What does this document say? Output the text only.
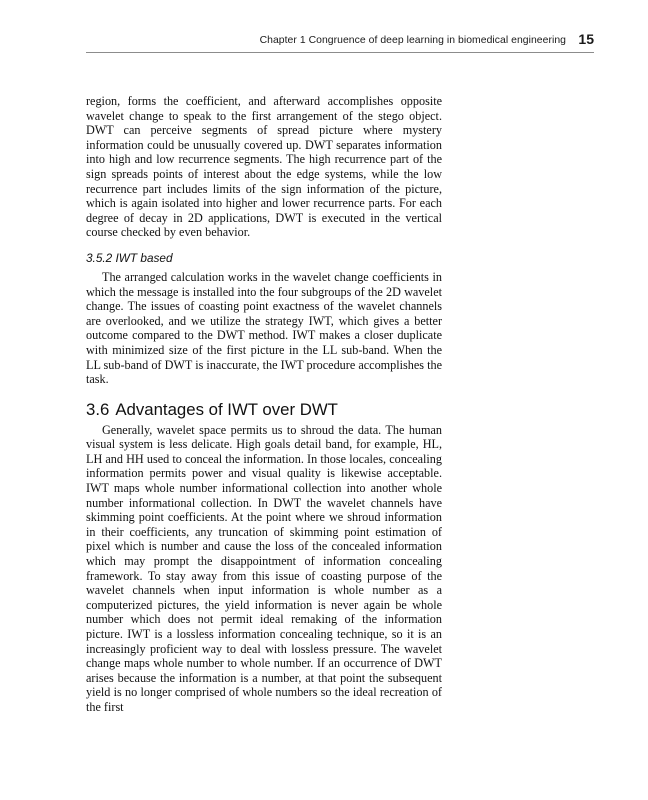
Chapter 1 Congruence of deep learning in biomedical engineering 15

region, forms the coefficient, and afterward accomplishes opposite wavelet change to speak to the first arrangement of the stego object. DWT can perceive segments of spread picture where mystery information could be unusually covered up. DWT separates information into high and low recurrence segments. The high recurrence part of the sign spreads points of interest about the edge systems, while the low recurrence part includes limits of the sign information of the picture, which is again isolated into higher and lower recurrence parts. For each degree of decay in 2D applications, DWT is executed in the vertical course checked by even behavior.

3.5.2 IWT based

The arranged calculation works in the wavelet change coefficients in which the message is installed into the four subgroups of the 2D wavelet change. The issues of coasting point exactness of the wavelet channels are overlooked, and we utilize the strategy IWT, which gives a better outcome compared to the DWT method. IWT makes a closer duplicate with minimized size of the first picture in the LL sub-band. When the LL sub-band of DWT is inaccurate, the IWT procedure accomplishes the task.

3.6 Advantages of IWT over DWT

Generally, wavelet space permits us to shroud the data. The human visual system is less delicate. High goals detail band, for example, HL, LH and HH used to conceal the information. In those locales, concealing information permits power and visual quality is likewise acceptable. IWT maps whole number informational collection into another whole number informational collection. In DWT the wavelet channels have skimming point coefficients. At the point where we shroud information in their coefficients, any truncation of skimming point estimation of pixel which is number and cause the loss of the concealed information which may prompt the disappointment of information concealing framework. To stay away from this issue of coasting purpose of the wavelet channels when input information is whole number as a computerized pictures, the yield information is never again be whole number which does not permit ideal remaking of the information picture. IWT is a lossless information concealing technique, so it is an increasingly proficient way to deal with lossless pressure. The wavelet change maps whole number to whole number. If an occurrence of DWT arises because the information is a number, at that point the subsequent yield is no longer comprised of whole numbers so the ideal recreation of the first
